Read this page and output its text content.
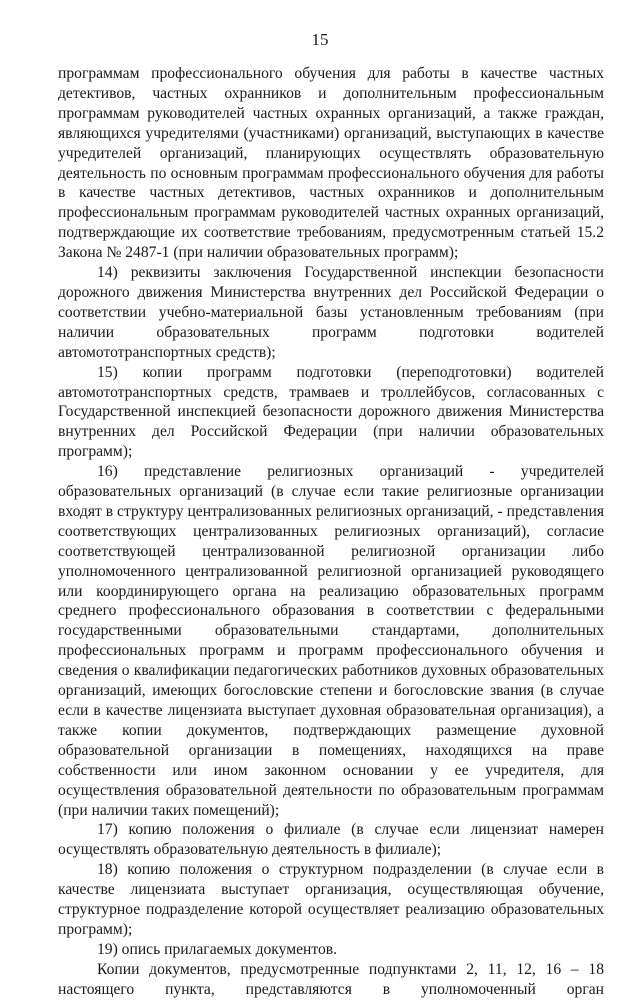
15

программам профессионального обучения для работы в качестве частных детективов, частных охранников и дополнительным профессиональным программам руководителей частных охранных организаций, а также граждан, являющихся учредителями (участниками) организаций, выступающих в качестве учредителей организаций, планирующих осуществлять образовательную деятельность по основным программам профессионального обучения для работы в качестве частных детективов, частных охранников и дополнительным профессиональным программам руководителей частных охранных организаций, подтверждающие их соответствие требованиям, предусмотренным статьей 15.2 Закона № 2487-1 (при наличии образовательных программ);

14) реквизиты заключения Государственной инспекции безопасности дорожного движения Министерства внутренних дел Российской Федерации о соответствии учебно-материальной базы установленным требованиям (при наличии образовательных программ подготовки водителей автомототранспортных средств);

15) копии программ подготовки (переподготовки) водителей автомототранспортных средств, трамваев и троллейбусов, согласованных с Государственной инспекцией безопасности дорожного движения Министерства внутренних дел Российской Федерации (при наличии образовательных программ);

16) представление религиозных организаций - учредителей образовательных организаций (в случае если такие религиозные организации входят в структуру централизованных религиозных организаций, - представления соответствующих централизованных религиозных организаций), согласие соответствующей централизованной религиозной организации либо уполномоченного централизованной религиозной организацией руководящего или координирующего органа на реализацию образовательных программ среднего профессионального образования в соответствии с федеральными государственными образовательными стандартами, дополнительных профессиональных программ и программ профессионального обучения и сведения о квалификации педагогических работников духовных образовательных организаций, имеющих богословские степени и богословские звания (в случае если в качестве лицензиата выступает духовная образовательная организация), а также копии документов, подтверждающих размещение духовной образовательной организации в помещениях, находящихся на праве собственности или ином законном основании у ее учредителя, для осуществления образовательной деятельности по образовательным программам (при наличии таких помещений);

17) копию положения о филиале (в случае если лицензиат намерен осуществлять образовательную деятельность в филиале);

18) копию положения о структурном подразделении (в случае если в качестве лицензиата выступает организация, осуществляющая обучение, структурное подразделение которой осуществляет реализацию образовательных программ);

19) опись прилагаемых документов.

Копии документов, предусмотренные подпунктами 2, 11, 12, 16 – 18 настоящего пункта, представляются в уполномоченный орган
